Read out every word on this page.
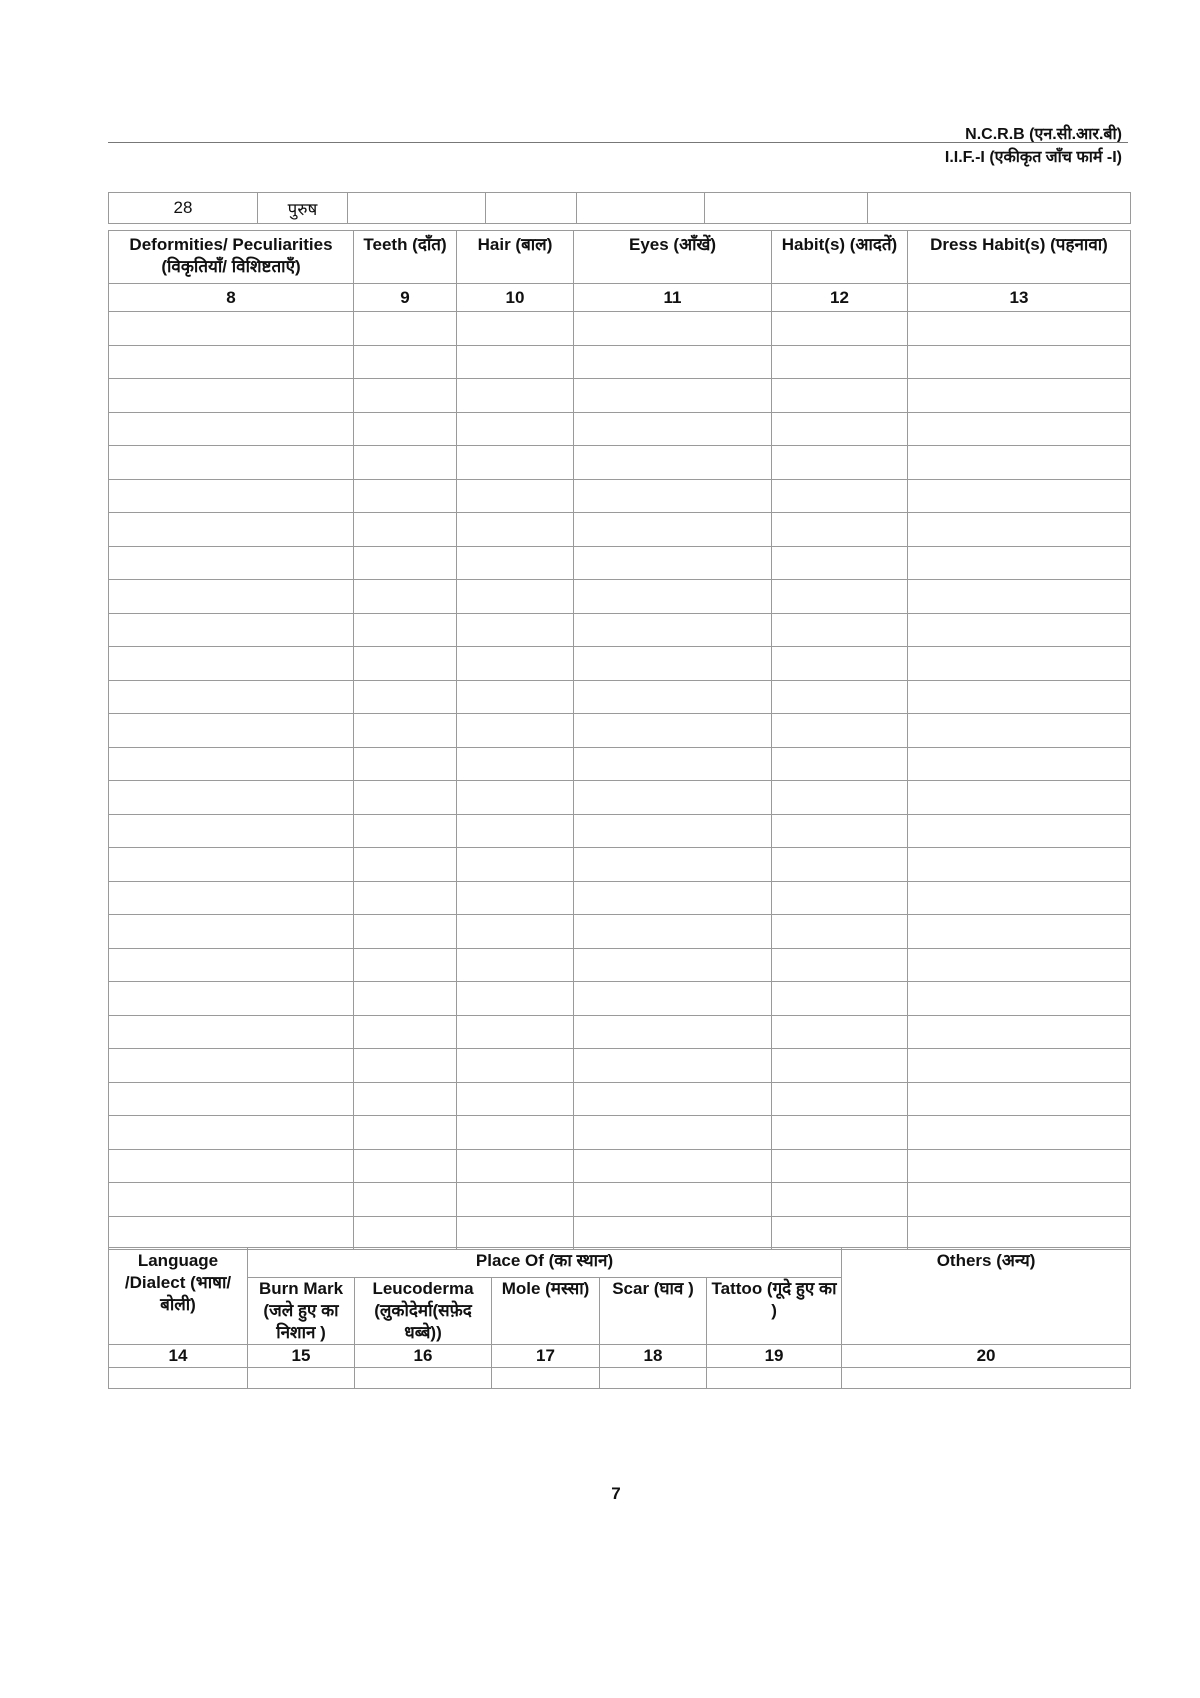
N.C.R.B (एन.सी.आर.बी)
I.I.F.-I (एकीकृत जाँच फार्म -I)
28	पुरुष					
Deformities/ Peculiarities
(विकृतियाँ/ विशिष्टताएँ)	Teeth (दाँत)	Hair (बाल)	Eyes (आँखें)	Habit(s) (आदतें)	Dress Habit(s) (पहनावा)
8	9	10	11	12	13

Language /Dialect (भाषा/बोली)	Place Of (का स्थान)					Others (अन्य)
	Burn Mark (जले हुए का निशान )	Leucoderma (लुकोदेर्मा(सफ़ेद धब्बे))	Mole (मस्सा)	Scar (घाव )	Tattoo (गूदे हुए का )	
14	15	16	17	18	19	20

7
